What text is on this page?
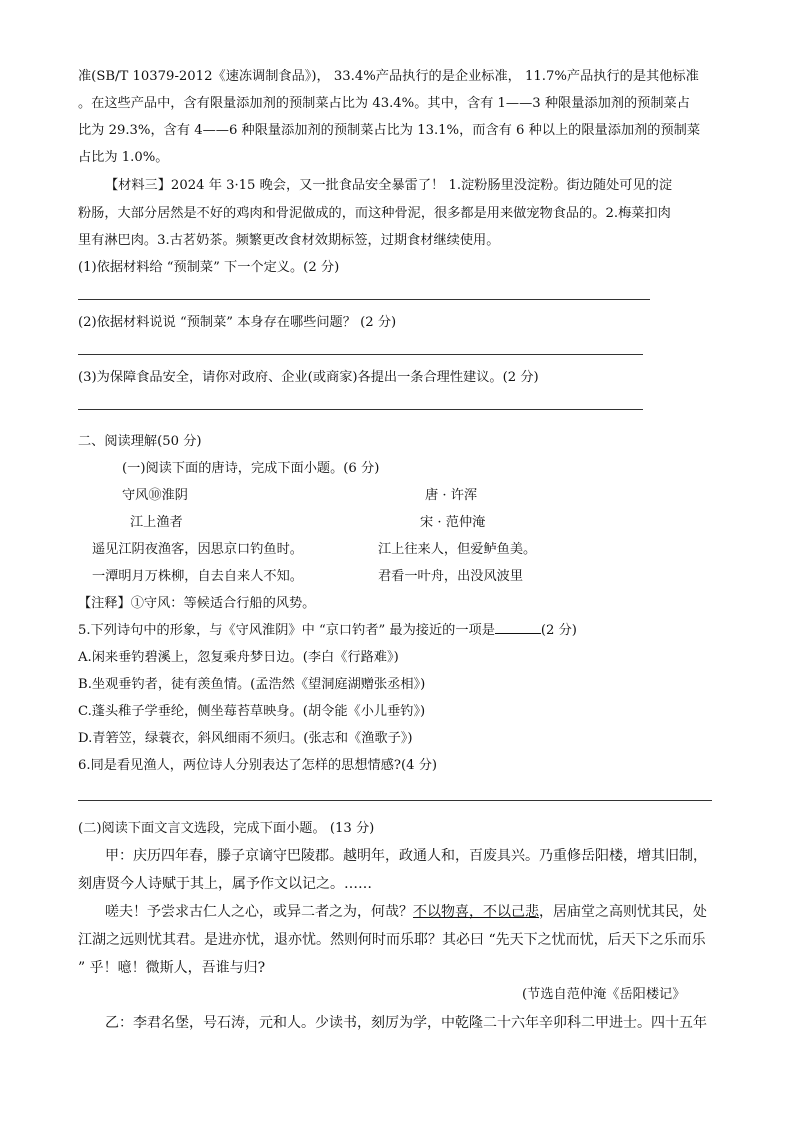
准(SB/T 10379-2012《速冻调制食品》)， 33.4%产品执行的是企业标准， 11.7%产品执行的是其他标准
。在这些产品中，含有限量添加剂的预制菜占比为 43.4%。其中，含有 1——3 种限量添加剂的预制菜占
比为 29.3%，含有 4——6 种限量添加剂的预制菜占比为 13.1%，而含有 6 种以上的限量添加剂的预制菜
占比为 1.0%。
【材料三】2024 年 3·15 晚会，又一批食品安全暴雷了！ 1.淀粉肠里没淀粉。街边随处可见的淀
粉肠，大部分居然是不好的鸡肉和骨泥做成的，而这种骨泥，很多都是用来做宠物食品的。2.梅菜扣肉
里有淋巴肉。3.古茗奶茶。频繁更改食材效期标签，过期食材继续使用。
(1)依据材料给 “预制菜” 下一个定义。(2 分)
(2)依据材料说说 “预制菜” 本身存在哪些问题？ (2 分)
(3)为保障食品安全，请你对政府、企业(或商家)各提出一条合理性建议。(2 分)
二、阅读理解(50 分)
(一)阅读下面的唐诗，完成下面小题。(6 分)
守风⑩淮阴	唐 · 许浑
江上渔者	宋 · 范仲淹
遥见江阴夜渔客，因思京口钓鱼时。	江上往来人，但爱鲈鱼美。
一潭明月万株柳，自去自来人不知。	君看一叶舟，出没风波里
【注释】①守风：等候适合行船的风势。
5.下列诗句中的形象，与《守风淮阴》中 “京口钓者” 最为接近的一项是	(2 分)
A.闲来垂钓碧溪上，忽复乘舟梦日边。(李白《行路难》)
B.坐观垂钓者，徒有羡鱼情。(孟浩然《望洞庭湖赠张丞相》)
C.蓬头稚子学垂纶，侧坐莓苔草映身。(胡令能《小儿垂钓》)
D.青箬笠，绿蓑衣，斜风细雨不须归。(张志和《渔歌子》)
6.同是看见渔人，两位诗人分别表达了怎样的思想情感?(4 分)
(二)阅读下面文言文选段，完成下面小题。 (13 分)
甲：庆历四年春，滕子京谪守巴陵郡。越明年，政通人和，百废具兴。乃重修岳阳楼，增其旧制，
刻唐贤今人诗赋于其上，属予作文以记之。……
嗟夫！予尝求古仁人之心，或异二者之为，何哉？不以物喜，不以己悲，居庙堂之高则忧其民，处
江湖之远则忧其君。是进亦忧，退亦忧。然则何时而乐耶？其必曰 “先天下之忧而忧，后天下之乐而乐
” 乎！噫！微斯人，吾谁与归?
(节选自范仲淹《岳阳楼记》
乙：李君名堡，号石涛，元和人。少读书，刻厉为学，中乾隆二十六年辛卯科二甲进士。四十五年
